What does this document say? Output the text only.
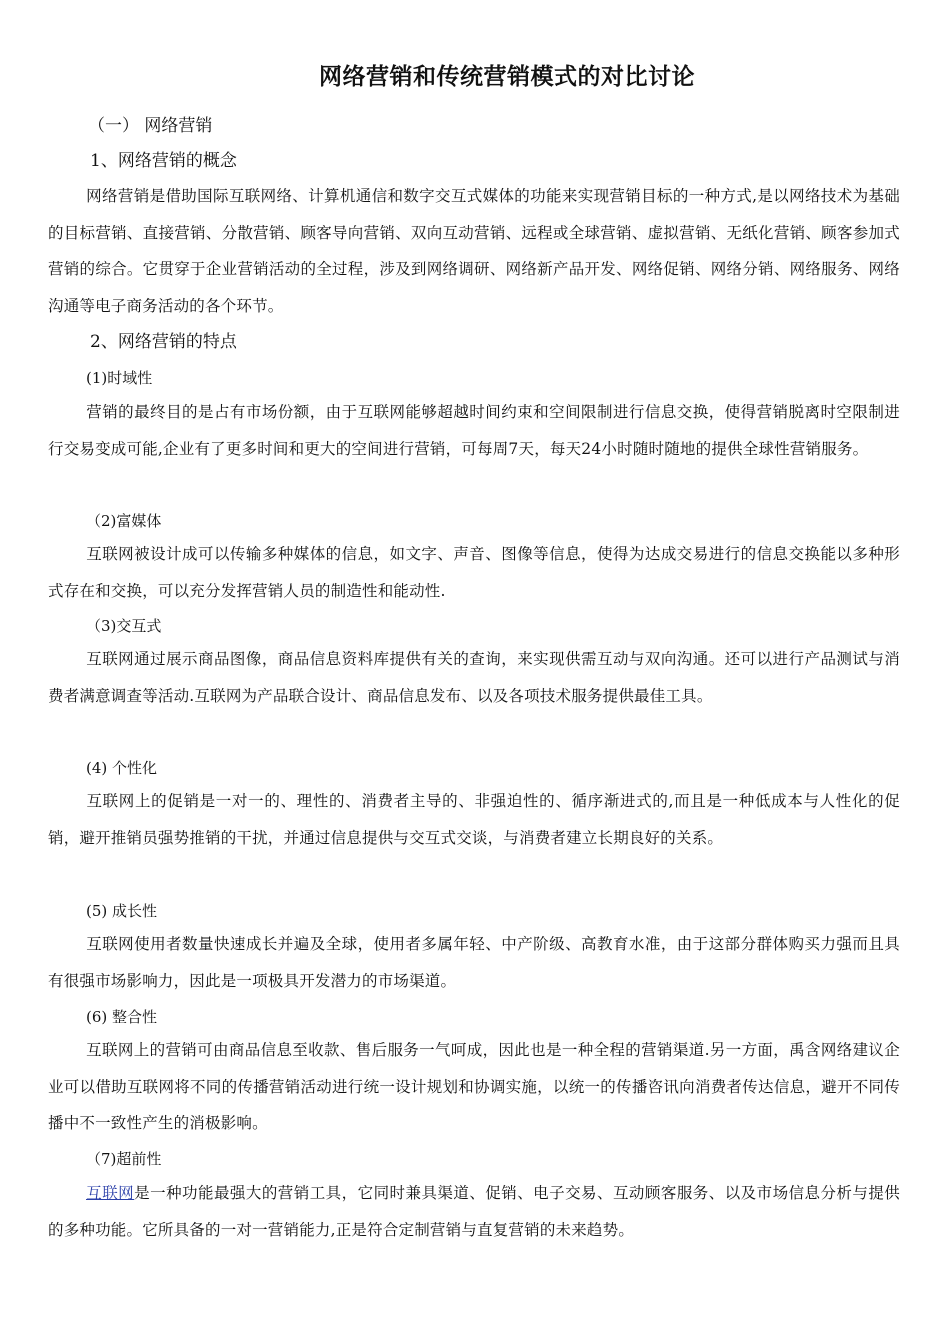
网络营销和传统营销模式的对比讨论
（一） 网络营销
1、网络营销的概念
网络营销是借助国际互联网络、计算机通信和数字交互式媒体的功能来实现营销目标的一种方式,是以网络技术为基础的目标营销、直接营销、分散营销、顾客导向营销、双向互动营销、远程或全球营销、虚拟营销、无纸化营销、顾客参加式营销的综合。它贯穿于企业营销活动的全过程，涉及到网络调研、网络新产品开发、网络促销、网络分销、网络服务、网络沟通等电子商务活动的各个环节。
2、网络营销的特点
(1)时域性
营销的最终目的是占有市场份额，由于互联网能够超越时间约束和空间限制进行信息交换，使得营销脱离时空限制进行交易变成可能,企业有了更多时间和更大的空间进行营销，可每周7天，每天24小时随时随地的提供全球性营销服务。
（2)富媒体
互联网被设计成可以传输多种媒体的信息，如文字、声音、图像等信息，使得为达成交易进行的信息交换能以多种形式存在和交换，可以充分发挥营销人员的制造性和能动性.
（3)交互式
互联网通过展示商品图像，商品信息资料库提供有关的查询，来实现供需互动与双向沟通。还可以进行产品测试与消费者满意调查等活动.互联网为产品联合设计、商品信息发布、以及各项技术服务提供最佳工具。
(4) 个性化
互联网上的促销是一对一的、理性的、消费者主导的、非强迫性的、循序渐进式的,而且是一种低成本与人性化的促销，避开推销员强势推销的干扰，并通过信息提供与交互式交谈，与消费者建立长期良好的关系。
(5) 成长性
互联网使用者数量快速成长并遍及全球，使用者多属年轻、中产阶级、高教育水准，由于这部分群体购买力强而且具有很强市场影响力，因此是一项极具开发潜力的市场渠道。
(6) 整合性
互联网上的营销可由商品信息至收款、售后服务一气呵成，因此也是一种全程的营销渠道.另一方面，禹含网络建议企业可以借助互联网将不同的传播营销活动进行统一设计规划和协调实施，以统一的传播咨讯向消费者传达信息，避开不同传播中不一致性产生的消极影响。
（7)超前性
互联网是一种功能最强大的营销工具，它同时兼具渠道、促销、电子交易、互动顾客服务、以及市场信息分析与提供的多种功能。它所具备的一对一营销能力,正是符合定制营销与直复营销的未来趋势。
